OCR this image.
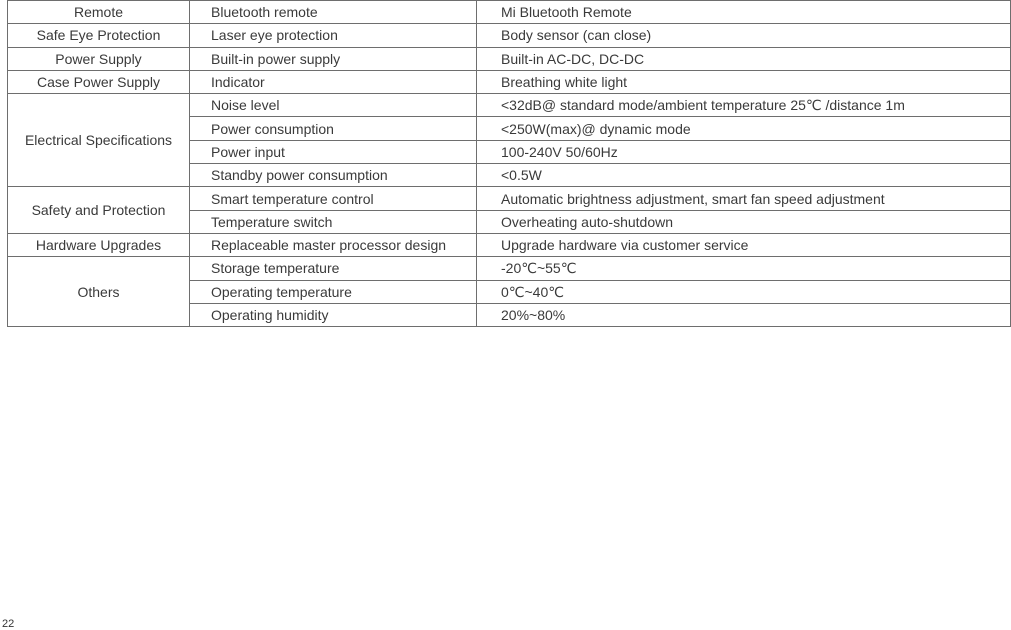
Remote	Bluetooth remote	Mi Bluetooth Remote
Safe Eye Protection	Laser eye protection	Body sensor (can close)
Power Supply	Built-in power supply	Built-in AC-DC, DC-DC
Case Power Supply	Indicator	Breathing white light
Electrical Specifications	Noise level	<32dB@ standard mode/ambient temperature 25℃ /distance 1m
	Power consumption	<250W(max)@ dynamic mode
	Power input	100-240V 50/60Hz
	Standby power consumption	<0.5W
Safety and Protection	Smart temperature control	Automatic brightness adjustment, smart fan speed adjustment
	Temperature switch	Overheating auto-shutdown
Hardware Upgrades	Replaceable master processor design	Upgrade hardware via customer service
Others	Storage temperature	-20℃~55℃
	Operating temperature	0℃~40℃
	Operating humidity	20%~80%
22
